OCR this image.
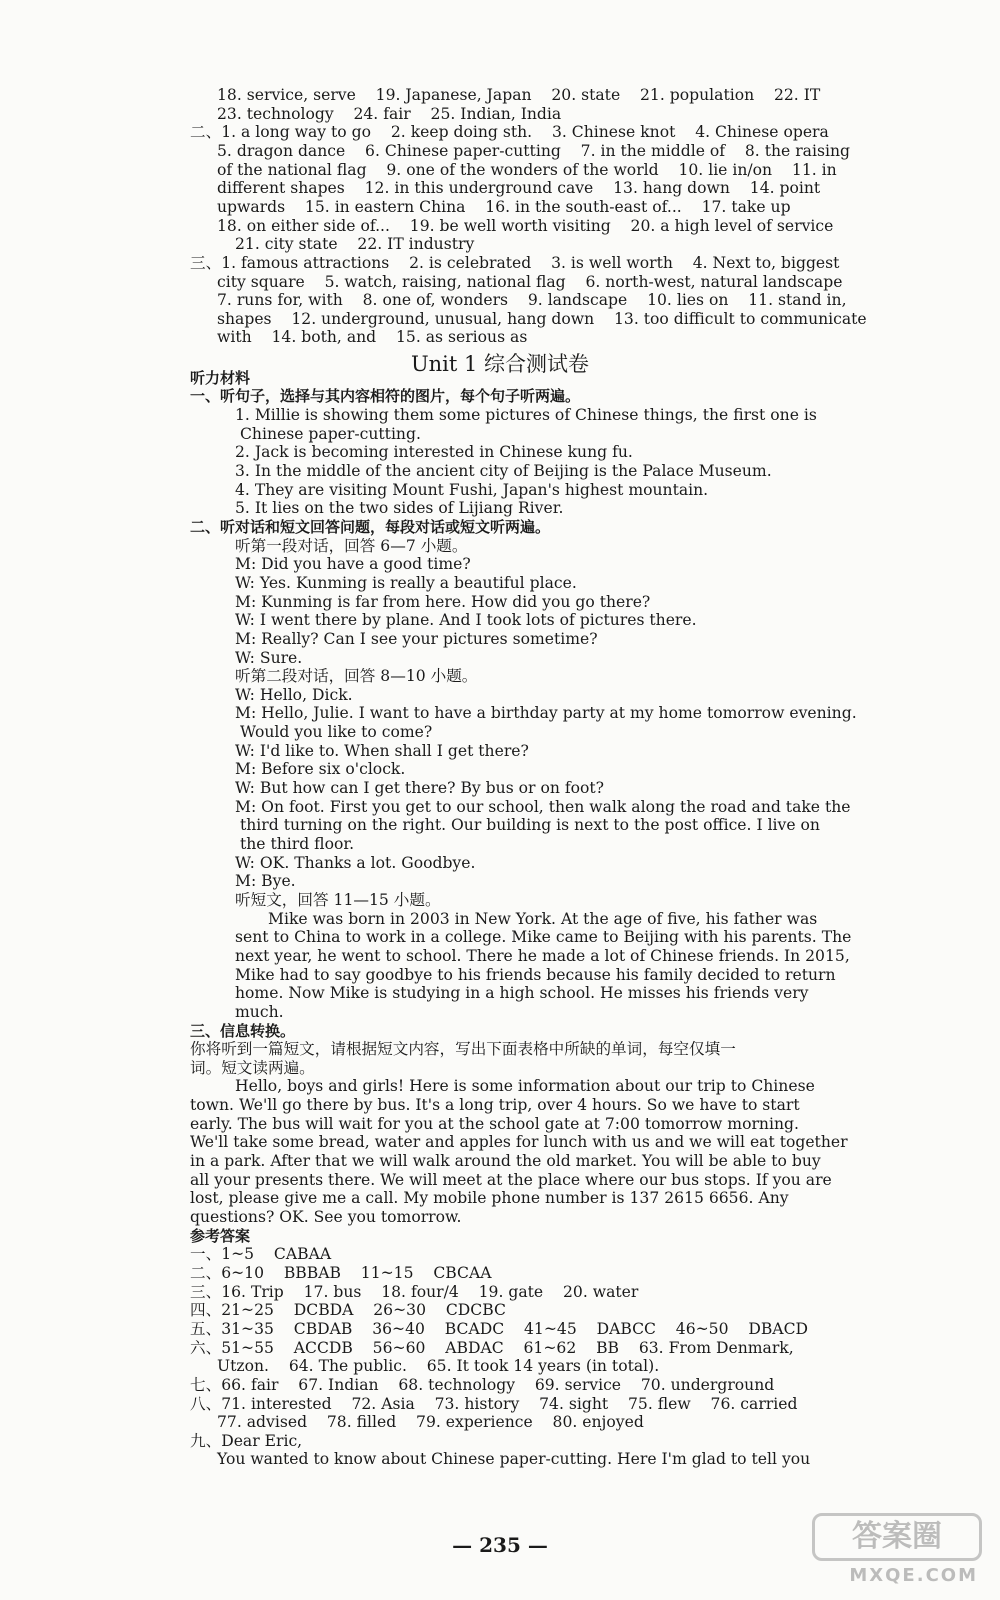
18. service, serve    19. Japanese, Japan    20. state    21. population    22. IT
23. technology    24. fair    25. Indian, India
二、1. a long way to go    2. keep doing sth.    3. Chinese knot    4. Chinese opera
5. dragon dance    6. Chinese paper-cutting    7. in the middle of    8. the raising
of the national flag    9. one of the wonders of the world    10. lie in/on    11. in
different shapes    12. in this underground cave    13. hang down    14. point
upwards    15. in eastern China    16. in the south-east of...    17. take up
18. on either side of...    19. be well worth visiting    20. a high level of service
21. city state    22. IT industry
三、1. famous attractions    2. is celebrated    3. is well worth    4. Next to, biggest
city square    5. watch, raising, national flag    6. north-west, natural landscape
7. runs for, with    8. one of, wonders    9. landscape    10. lies on    11. stand in,
shapes    12. underground, unusual, hang down    13. too difficult to communicate
with    14. both, and    15. as serious as
Unit 1 综合测试卷
听力材料
一、听句子，选择与其内容相符的图片，每个句子听两遍。
1. Millie is showing them some pictures of Chinese things, the first one is
Chinese paper-cutting.
2. Jack is becoming interested in Chinese kung fu.
3. In the middle of the ancient city of Beijing is the Palace Museum.
4. They are visiting Mount Fushi, Japan's highest mountain.
5. It lies on the two sides of Lijiang River.
二、听对话和短文回答问题，每段对话或短文听两遍。
听第一段对话，回答 6—7 小题。
M: Did you have a good time?
W: Yes. Kunming is really a beautiful place.
M: Kunming is far from here. How did you go there?
W: I went there by plane. And I took lots of pictures there.
M: Really? Can I see your pictures sometime?
W: Sure.
听第二段对话，回答 8—10 小题。
W: Hello, Dick.
M: Hello, Julie. I want to have a birthday party at my home tomorrow evening.
Would you like to come?
W: I'd like to. When shall I get there?
M: Before six o'clock.
W: But how can I get there? By bus or on foot?
M: On foot. First you get to our school, then walk along the road and take the
third turning on the right. Our building is next to the post office. I live on
the third floor.
W: OK. Thanks a lot. Goodbye.
M: Bye.
听短文，回答 11—15 小题。
Mike was born in 2003 in New York. At the age of five, his father was
sent to China to work in a college. Mike came to Beijing with his parents. The
next year, he went to school. There he made a lot of Chinese friends. In 2015,
Mike had to say goodbye to his friends because his family decided to return
home. Now Mike is studying in a high school. He misses his friends very
much.
三、信息转换。
你将听到一篇短文，请根据短文内容，写出下面表格中所缺的单词，每空仅填一
词。短文读两遍。
Hello, boys and girls! Here is some information about our trip to Chinese
town. We'll go there by bus. It's a long trip, over 4 hours. So we have to start
early. The bus will wait for you at the school gate at 7:00 tomorrow morning.
We'll take some bread, water and apples for lunch with us and we will eat together
in a park. After that we will walk around the old market. You will be able to buy
all your presents there. We will meet at the place where our bus stops. If you are
lost, please give me a call. My mobile phone number is 137 2615 6656. Any
questions? OK. See you tomorrow.
参考答案
一、1~5    CABAA
二、6~10    BBBAB    11~15    CBCAA
三、16. Trip    17. bus    18. four/4    19. gate    20. water
四、21~25    DCBDA    26~30    CDCBC
五、31~35    CBDAB    36~40    BCADC    41~45    DABCC    46~50    DBACD
六、51~55    ACCDB    56~60    ABDAC    61~62    BB    63. From Denmark,
Utzon.    64. The public.    65. It took 14 years (in total).
七、66. fair    67. Indian    68. technology    69. service    70. underground
八、71. interested    72. Asia    73. history    74. sight    75. flew    76. carried
77. advised    78. filled    79. experience    80. enjoyed
九、Dear Eric,
You wanted to know about Chinese paper-cutting. Here I'm glad to tell you
— 235 —	答案圈
MXQE.COM
